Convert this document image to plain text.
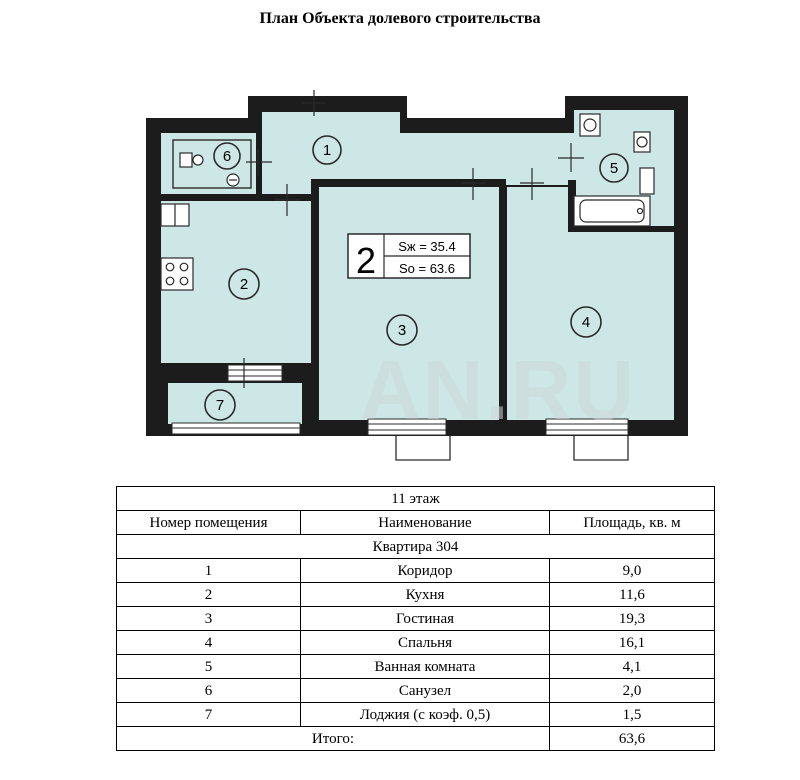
План Объекта долевого строительства
1
2
3	4
5
6
7
2 Sж = 35.4
Sо = 63.6
AN.RU
11 этаж		
Номер помещения	Наименование	Площадь, кв. м
Квартира 304		
1	Коридор	9,0
2	Кухня	11,6
3	Гостиная	19,3
4	Спальня	16,1
5	Ванная комната	4,1
6	Санузел	2,0
7	Лоджия (с коэф. 0,5)	1,5
Итого:		63,6
